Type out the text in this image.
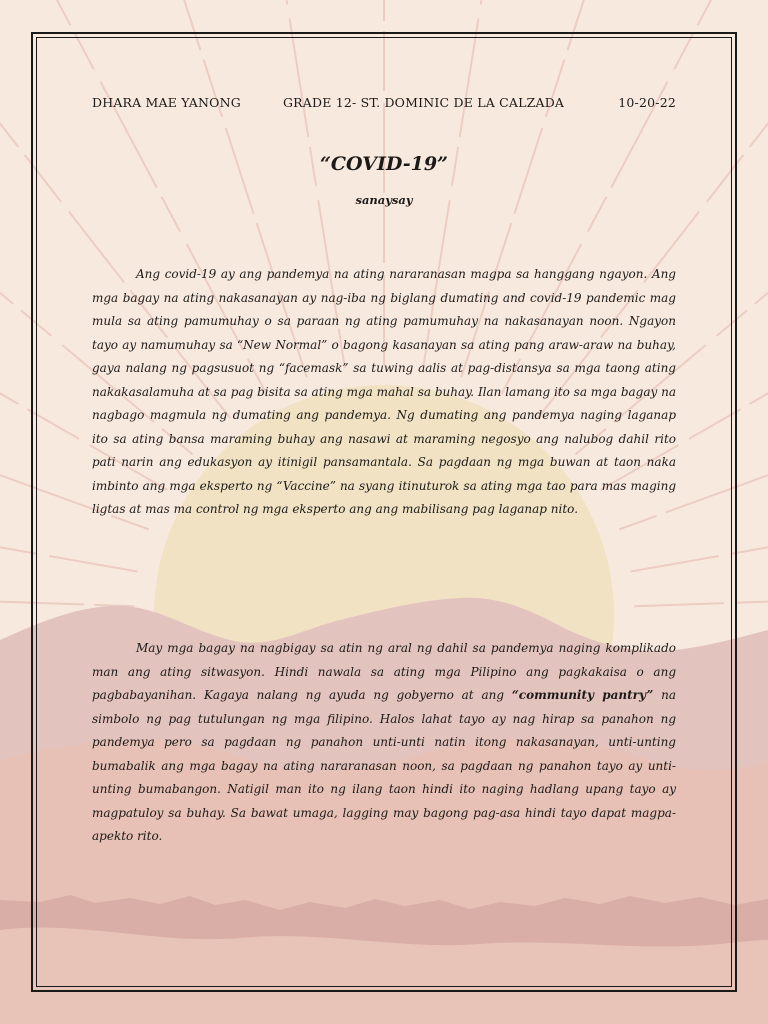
DHARA MAE YANONG	GRADE 12- ST. DOMINIC DE LA CALZADA	10-20-22
“COVID-19”
sanaysay

Ang covid-19 ay ang pandemya na ating nararanasan magpa sa hanggang ngayon. Ang mga bagay na ating nakasanayan ay nag-iba ng biglang dumating and covid-19 pandemic mag mula sa ating pamumuhay o sa paraan ng ating pamumuhay na nakasanayan noon. Ngayon tayo ay namumuhay sa “New Normal” o bagong kasanayan sa ating pang araw-araw na buhay, gaya nalang ng pagsusuot ng “facemask” sa tuwing aalis at pag-distansya sa mga taong ating nakakasalamuha at sa pag bisita sa ating mga mahal sa buhay. Ilan lamang ito sa mga bagay na nagbago magmula ng dumating ang pandemya. Ng dumating ang pandemya naging laganap ito sa ating bansa maraming buhay ang nasawi at maraming negosyo ang nalubog dahil rito pati narin ang edukasyon ay itinigil pansamantala. Sa pagdaan ng mga buwan at taon naka imbinto ang mga eksperto ng “Vaccine” na syang itinuturok sa ating mga tao para mas maging ligtas at mas ma control ng mga eksperto ang ang mabilisang pag laganap nito.

May mga bagay na nagbigay sa atin ng aral ng dahil sa pandemya naging komplikado man ang ating sitwasyon. Hindi nawala sa ating mga Pilipino ang pagkakaisa o ang pagbabayanihan. Kagaya nalang ng ayuda ng gobyerno at ang “community pantry” na simbolo ng pag tutulungan ng mga filipino. Halos lahat tayo ay nag hirap sa panahon ng pandemya pero sa pagdaan ng panahon unti-unti natin itong nakasanayan, unti-unting bumabalik ang mga bagay na ating nararanasan noon, sa pagdaan ng panahon tayo ay unti-unting bumabangon. Natigil man ito ng ilang taon hindi ito naging hadlang upang tayo ay magpatuloy sa buhay. Sa bawat umaga, lagging may bagong pag-asa hindi tayo dapat magpa-apekto rito.
